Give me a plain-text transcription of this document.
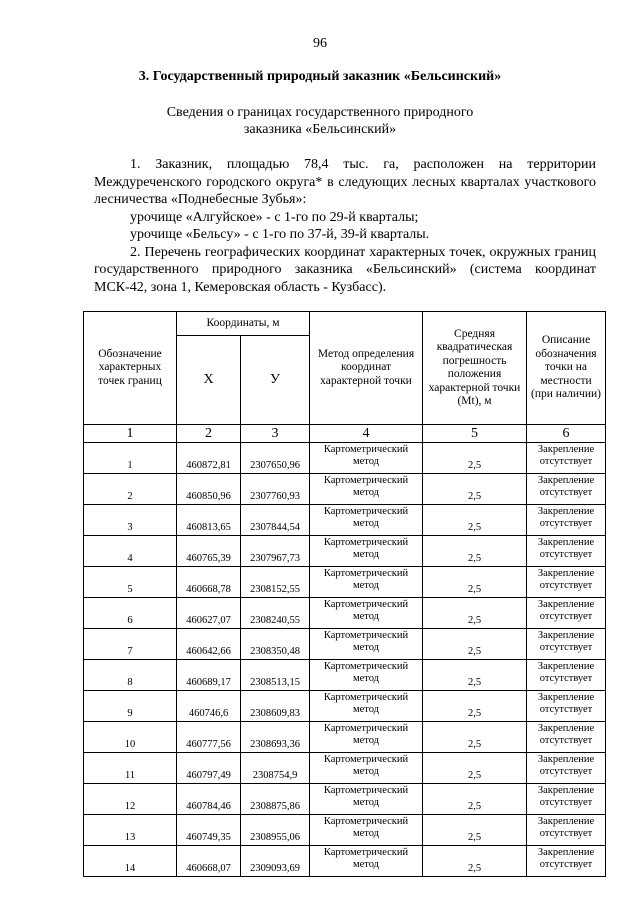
96
3. Государственный природный заказник «Бельсинский»
Сведения о границах государственного природного заказника «Бельсинский»

1. Заказник, площадью 78,4 тыс. га, расположен на территории

Междуреченского городского округа* в следующих лесных кварталах участкового лесничества «Поднебесные Зубья»:

урочище «Алгуйское» - с 1-го по 29-й кварталы;

урочище «Бельсу» - с 1-го по 37-й, 39-й кварталы.

2. Перечень географических координат характерных точек, окружных границ государственного природного заказника «Бельсинский» (система координат МСК-42, зона 1, Кемеровская область - Кузбасс).

Обозначение характерных точек границ	Координаты, м		Метод определения координат характерной точки	Средняя квадратическая погрешность положения характерной точки (Mt), м	Описание обозначения точки на местности (при наличии)
	X	У			
1	2	3	4	5	6
1	460872,81	2307650,96	Картометрический метод	2,5	Закрепление отсутствует
2	460850,96	2307760,93	Картометрический метод	2,5	Закрепление отсутствует
3	460813,65	2307844,54	Картометрический метод	2,5	Закрепление отсутствует
4	460765,39	2307967,73	Картометрический метод	2,5	Закрепление отсутствует
5	460668,78	2308152,55	Картометрический метод	2,5	Закрепление отсутствует
6	460627,07	2308240,55	Картометрический метод	2,5	Закрепление отсутствует
7	460642,66	2308350,48	Картометрический метод	2,5	Закрепление отсутствует
8	460689,17	2308513,15	Картометрический метод	2,5	Закрепление отсутствует
9	460746,6	2308609,83	Картометрический метод	2,5	Закрепление отсутствует
10	460777,56	2308693,36	Картометрический метод	2,5	Закрепление отсутствует
11	460797,49	2308754,9	Картометрический метод	2,5	Закрепление отсутствует
12	460784,46	2308875,86	Картометрический метод	2,5	Закрепление отсутствует
13	460749,35	2308955,06	Картометрический метод	2,5	Закрепление отсутствует
14	460668,07	2309093,69	Картометрический метод	2,5	Закрепление отсутствует
